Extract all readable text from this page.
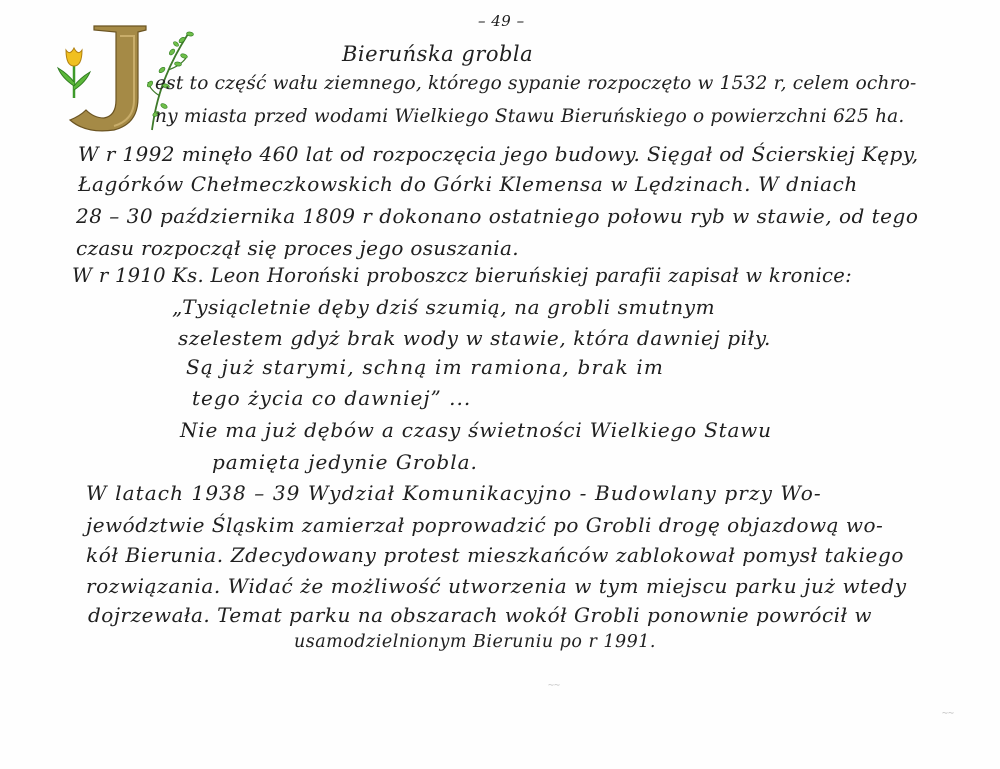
– 49 –
Bieruńska grobla
est to część wału ziemnego, którego sypanie rozpoczęto w 1532 r, celem ochro-
ny miasta przed wodami Wielkiego Stawu Bieruńskiego o powierzchni 625 ha.
W r 1992 minęło 460 lat od rozpoczęcia jego budowy. Sięgał od Ścierskiej Kępy,
Łagórków Chełmeczkowskich do Górki Klemensa w Lędzinach. W dniach
28 – 30 października 1809 r dokonano ostatniego połowu ryb w stawie, od tego
czasu rozpoczął się proces jego osuszania.
W r 1910 Ks. Leon Horoński proboszcz bieruńskiej parafii zapisał w kronice:
„Tysiącletnie dęby dziś szumią, na grobli smutnym
szelestem gdyż brak wody w stawie, która dawniej piły.
Są już starymi, schną im ramiona, brak im
tego życia co dawniej” ...
Nie ma już dębów a czasy świetności Wielkiego Stawu
pamięta jedynie Grobla.
W latach 1938 – 39 Wydział Komunikacyjno - Budowlany przy Wo-
jewództwie Śląskim zamierzał poprowadzić po Grobli drogę objazdową wo-
kół Bierunia. Zdecydowany protest mieszkańców zablokował pomysł takiego
rozwiązania. Widać że możliwość utworzenia w tym miejscu parku już wtedy
dojrzewała. Temat parku na obszarach wokół Grobli ponownie powrócił w
usamodzielnionym Bieruniu po r 1991.
∼∼
∼∼
